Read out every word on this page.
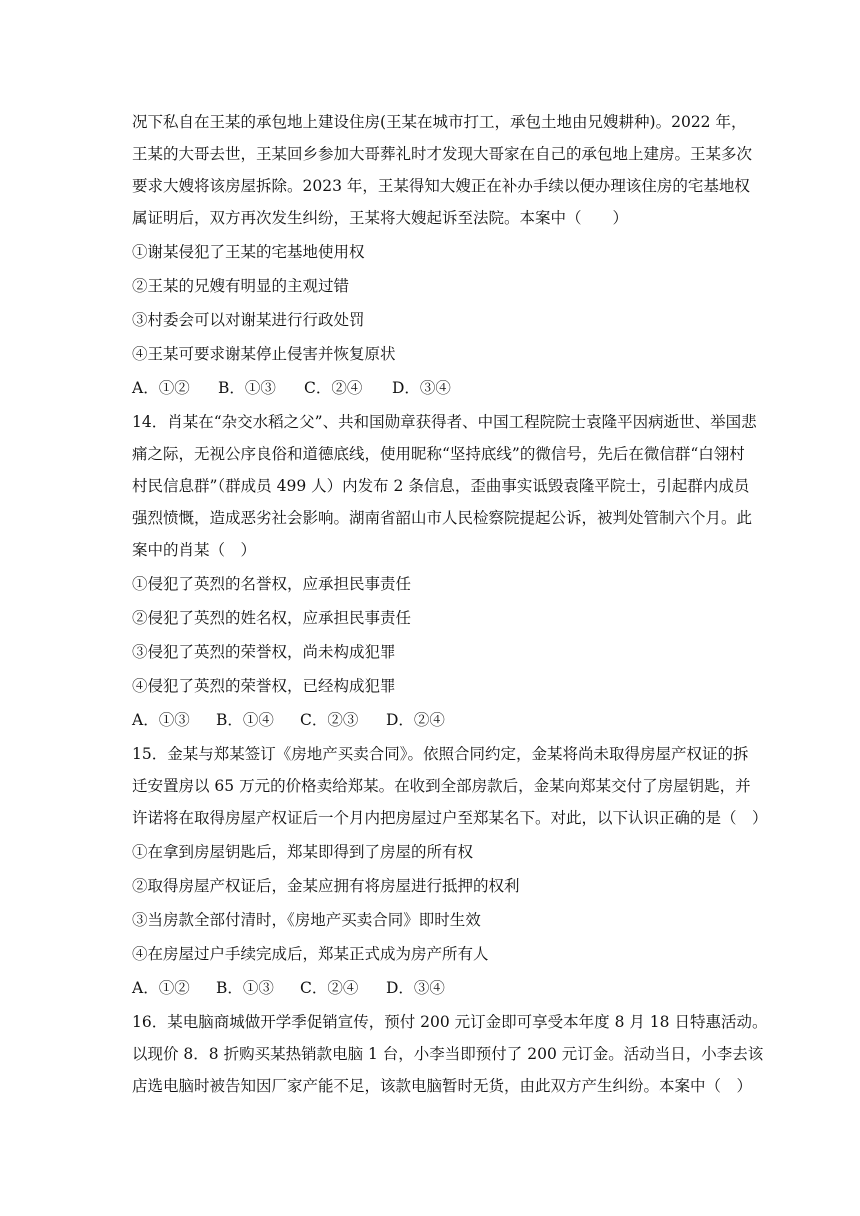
况下私自在王某的承包地上建设住房(王某在城市打工，承包土地由兄嫂耕种)。2022 年，
王某的大哥去世，王某回乡参加大哥葬礼时才发现大哥家在自己的承包地上建房。王某多次
要求大嫂将该房屋拆除。2023 年，王某得知大嫂正在补办手续以便办理该住房的宅基地权
属证明后，双方再次发生纠纷，王某将大嫂起诉至法院。本案中（　　）
①谢某侵犯了王某的宅基地使用权
②王某的兄嫂有明显的主观过错
③村委会可以对谢某进行行政处罚
④王某可要求谢某停止侵害并恢复原状
A．①②	B．①③	C．②④	D．③④
14．肖某在“杂交水稻之父”、共和国勋章获得者、中国工程院院士袁隆平因病逝世、举国悲
痛之际，无视公序良俗和道德底线，使用昵称“坚持底线”的微信号，先后在微信群“白翎村
村民信息群”（群成员 499 人）内发布 2 条信息，歪曲事实诋毁袁隆平院士，引起群内成员
强烈愤慨，造成恶劣社会影响。湖南省韶山市人民检察院提起公诉，被判处管制六个月。此
案中的肖某（　）
①侵犯了英烈的名誉权，应承担民事责任
②侵犯了英烈的姓名权，应承担民事责任
③侵犯了英烈的荣誉权，尚未构成犯罪
④侵犯了英烈的荣誉权，已经构成犯罪
A．①③	B．①④	C．②③	D．②④
15．金某与郑某签订《房地产买卖合同》。依照合同约定，金某将尚未取得房屋产权证的拆
迁安置房以 65 万元的价格卖给郑某。在收到全部房款后，金某向郑某交付了房屋钥匙，并
许诺将在取得房屋产权证后一个月内把房屋过户至郑某名下。对此，以下认识正确的是（　）
①在拿到房屋钥匙后，郑某即得到了房屋的所有权
②取得房屋产权证后，金某应拥有将房屋进行抵押的权利
③当房款全部付清时，《房地产买卖合同》即时生效
④在房屋过户手续完成后，郑某正式成为房产所有人
A．①②	B．①③	C．②④	D．③④
16．某电脑商城做开学季促销宣传，预付 200 元订金即可享受本年度 8 月 18 日特惠活动。
以现价 8．8 折购买某热销款电脑 1 台，小李当即预付了 200 元订金。活动当日，小李去该
店选电脑时被告知因厂家产能不足，该款电脑暂时无货，由此双方产生纠纷。本案中（　）
